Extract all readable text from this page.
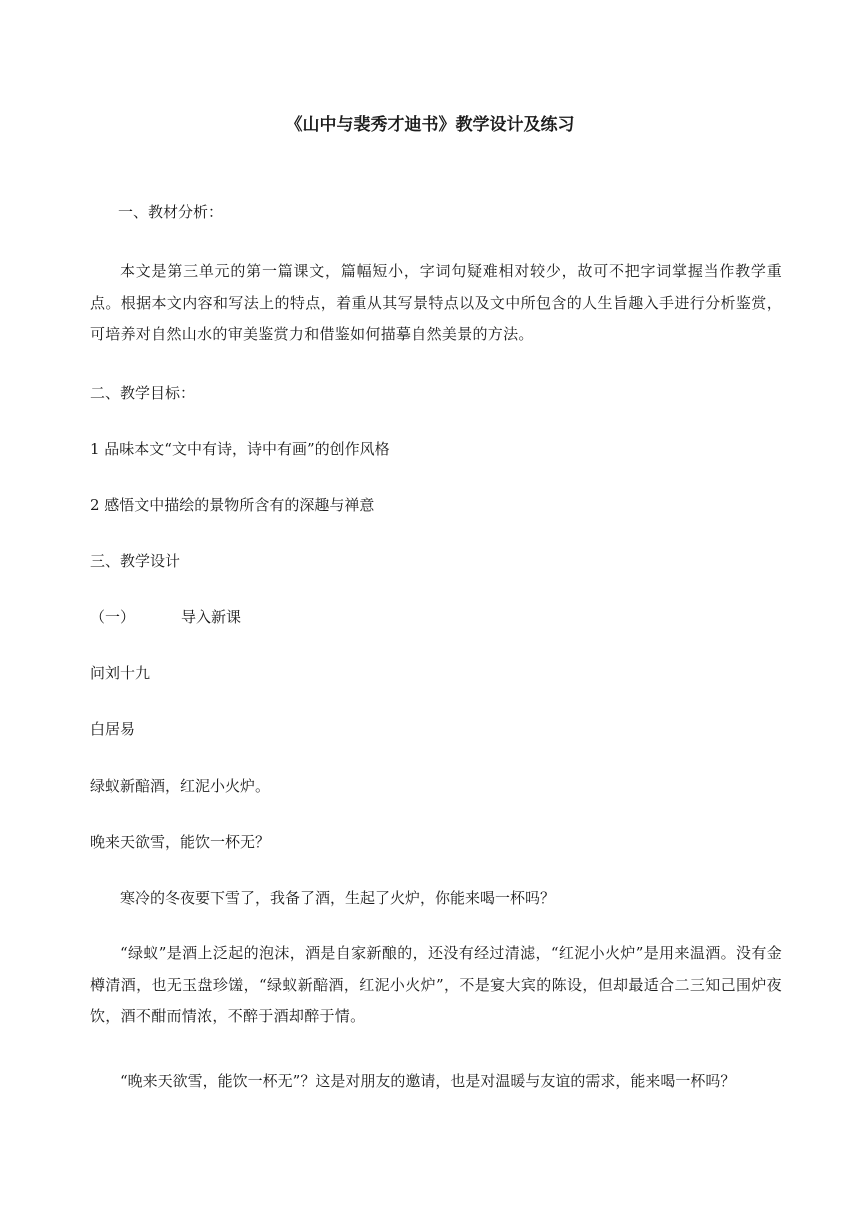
《山中与裴秀才迪书》教学设计及练习
一、教材分析：
本文是第三单元的第一篇课文，篇幅短小，字词句疑难相对较少，故可不把字词掌握当作教学重点。根据本文内容和写法上的特点，着重从其写景特点以及文中所包含的人生旨趣入手进行分析鉴赏，可培养对自然山水的审美鉴赏力和借鉴如何描摹自然美景的方法。
二、教学目标：
1 品味本文“文中有诗，诗中有画”的创作风格
2 感悟文中描绘的景物所含有的深趣与禅意
三、教学设计
（一）	导入新课
问刘十九
白居易
绿蚁新醅酒，红泥小火炉。
晚来天欲雪，能饮一杯无？
寒冷的冬夜要下雪了，我备了酒，生起了火炉，你能来喝一杯吗？
“绿蚁”是酒上泛起的泡沫，酒是自家新酿的，还没有经过清滤，“红泥小火炉”是用来温酒。没有金樽清酒，也无玉盘珍馐，“绿蚁新醅酒，红泥小火炉”，不是宴大宾的陈设，但却最适合二三知己围炉夜饮，酒不酣而情浓，不醉于酒却醉于情。
“晚来天欲雪，能饮一杯无”？这是对朋友的邀请，也是对温暖与友谊的需求，能来喝一杯吗？
